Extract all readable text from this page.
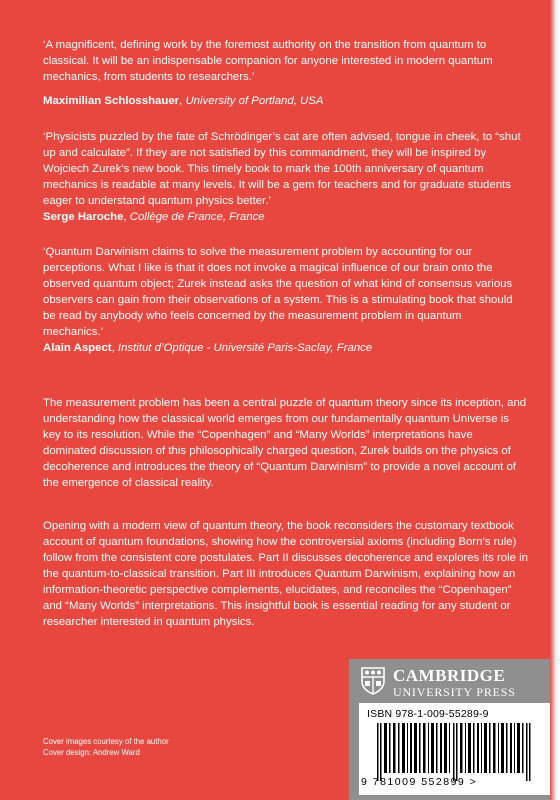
‘A magnificent, defining work by the foremost authority on the transition from quantum to classical. It will be an indispensable companion for anyone interested in modern quantum mechanics, from students to researchers.’
Maximilian Schlosshauer, University of Portland, USA
‘Physicists puzzled by the fate of Schrödinger’s cat are often advised, tongue in cheek, to “shut up and calculate”. If they are not satisfied by this commandment, they will be inspired by Wojciech Zurek’s new book. This timely book to mark the 100th anniversary of quantum mechanics is readable at many levels. It will be a gem for teachers and for graduate students eager to understand quantum physics better.’
Serge Haroche, Collège de France, France
‘Quantum Darwinism claims to solve the measurement problem by accounting for our perceptions. What I like is that it does not invoke a magical influence of our brain onto the observed quantum object; Zurek instead asks the question of what kind of consensus various observers can gain from their observations of a system. This is a stimulating book that should be read by anybody who feels concerned by the measurement problem in quantum mechanics.’
Alain Aspect, Institut d’Optique - Université Paris-Saclay, France
The measurement problem has been a central puzzle of quantum theory since its inception, and understanding how the classical world emerges from our fundamentally quantum Universe is key to its resolution. While the “Copenhagen” and “Many Worlds” interpretations have dominated discussion of this philosophically charged question, Zurek builds on the physics of decoherence and introduces the theory of “Quantum Darwinism” to provide a novel account of the emergence of classical reality.
Opening with a modern view of quantum theory, the book reconsiders the customary textbook account of quantum foundations, showing how the controversial axioms (including Born’s rule) follow from the consistent core postulates. Part II discusses decoherence and explores its role in the quantum-to-classical transition. Part III introduces Quantum Darwinism, explaining how an information-theoretic perspective complements, elucidates, and reconciles the “Copenhagen” and “Many Worlds” interpretations. This insightful book is essential reading for any student or researcher interested in quantum physics.
Cover images courtesy of the author
Cover design: Andrew Ward
CAMBRIDGE
UNIVERSITY PRESS
ISBN 978-1-009-55289-9
9 781009 552899 >
